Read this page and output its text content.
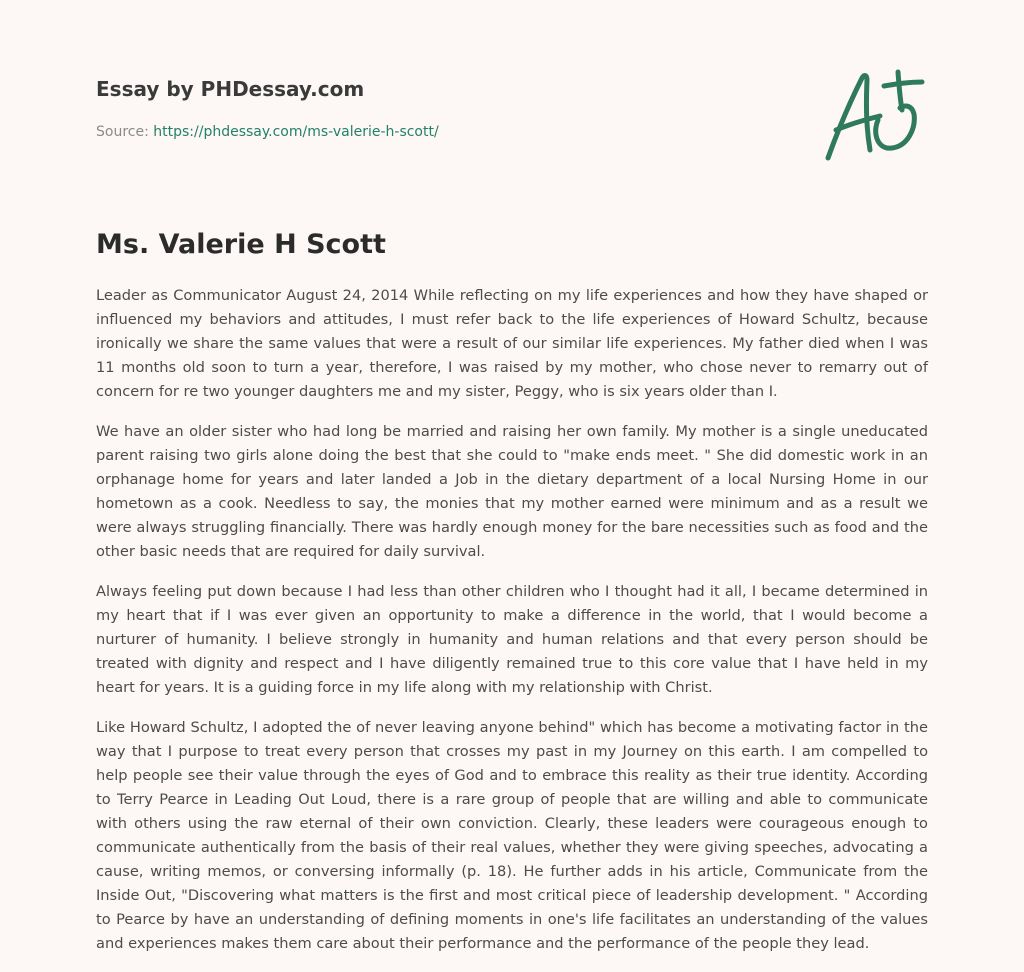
Essay by PHDessay.com
Source: https://phdessay.com/ms-valerie-h-scott/
Ms. Valerie H Scott

Leader as Communicator August 24, 2014 While reflecting on my life experiences and how they have shaped or influenced my behaviors and attitudes, I must refer back to the life experiences of Howard Schultz, because ironically we share the same values that were a result of our similar life experiences. My father died when I was 11 months old soon to turn a year, therefore, I was raised by my mother, who chose never to remarry out of concern for re two younger daughters me and my sister, Peggy, who is six years older than I.

We have an older sister who had long be married and raising her own family. My mother is a single uneducated parent raising two girls alone doing the best that she could to "make ends meet. " She did domestic work in an orphanage home for years and later landed a Job in the dietary department of a local Nursing Home in our hometown as a cook. Needless to say, the monies that my mother earned were minimum and as a result we were always struggling financially. There was hardly enough money for the bare necessities such as food and the other basic needs that are required for daily survival.

Always feeling put down because I had less than other children who I thought had it all, I became determined in my heart that if I was ever given an opportunity to make a difference in the world, that I would become a nurturer of humanity. I believe strongly in humanity and human relations and that every person should be treated with dignity and respect and I have diligently remained true to this core value that I have held in my heart for years. It is a guiding force in my life along with my relationship with Christ.

Like Howard Schultz, I adopted the of never leaving anyone behind" which has become a motivating factor in the way that I purpose to treat every person that crosses my past in my Journey on this earth. I am compelled to help people see their value through the eyes of God and to embrace this reality as their true identity. According to Terry Pearce in Leading Out Loud, there is a rare group of people that are willing and able to communicate with others using the raw eternal of their own conviction. Clearly, these leaders were courageous enough to communicate authentically from the basis of their real values, whether they were giving speeches, advocating a cause, writing memos, or conversing informally (p. 18). He further adds in his article, Communicate from the Inside Out, "Discovering what matters is the first and most critical piece of leadership development. " According to Pearce by have an understanding of defining moments in one's life facilitates an understanding of the values and experiences makes them care about their performance and the performance of the people they lead.
